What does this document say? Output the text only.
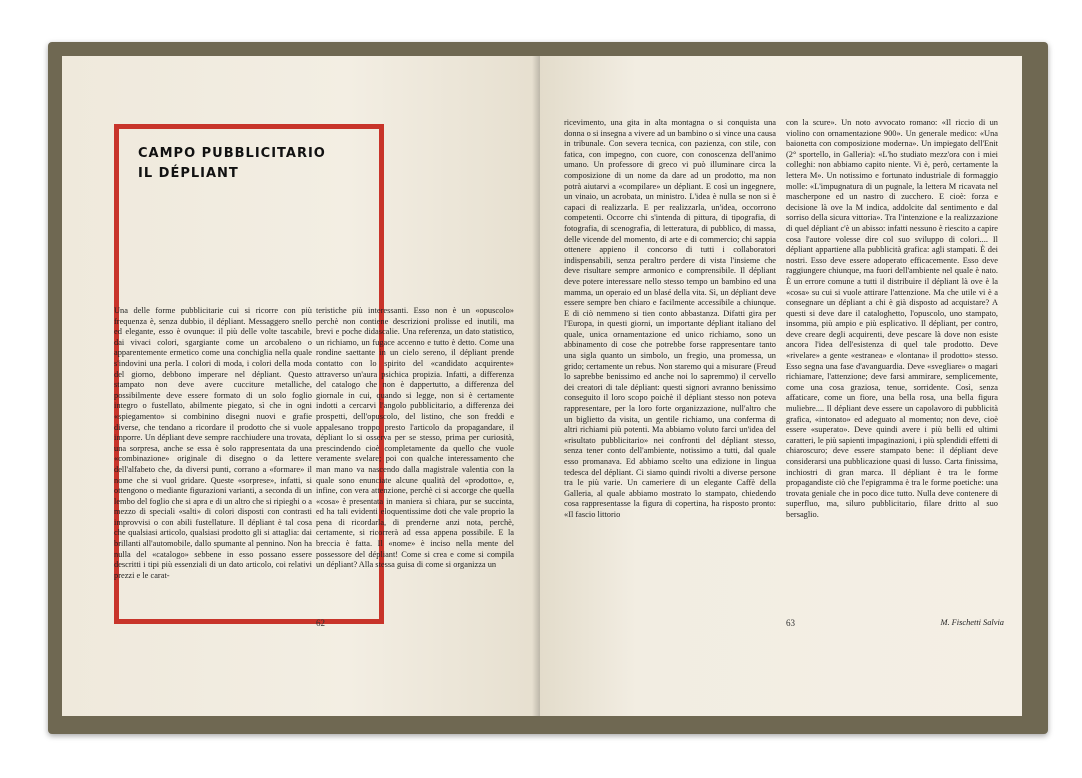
CAMPO PUBBLICITARIO
IL DÉPLIANT

Una delle forme pubblicitarie cui si ricorre con più frequenza è, senza dubbio, il dépliant. Messaggero snello ed elegante, esso è ovunque: il più delle volte tascabile, dai vivaci colori, sgargiante come un arcobaleno o apparentemente ermetico come una conchiglia nella quale s'indovini una perla. I colori di moda, i colori della moda del giorno, debbono imperare nel dépliant. Questo stampato non deve avere cucciture metalliche, possibilmente deve essere formato di un solo foglio integro o fustellato, abilmente piegato, sì che in ogni «spiegamento» si combinino disegni nuovi e grafie diverse, che tendano a ricordare il prodotto che si vuole imporre. Un dépliant deve sempre racchiudere una trovata, una sorpresa, anche se essa è solo rappresentata da una «combinazione» originale di disegno o da lettere dell'alfabeto che, da diversi punti, corrano a «formare» il nome che si vuol gridare. Queste «sorprese», infatti, si ottengono o mediante figurazioni varianti, a seconda di un lembo del foglio che si apra e di un altro che si ripieghi o a mezzo di speciali «salti» di colori disposti con contrasti improvvisi o con abili fustellature. Il dépliant è tal cosa che qualsiasi articolo, qualsiasi prodotto gli si attaglia: dai brillanti all'automobile, dallo spumante al pennino. Non ha nulla del «catalogo» sebbene in esso possano essere descritti i tipi più essenziali di un dato articolo, coi relativi prezzi e le carat-

teristiche più interessanti. Esso non è un «opuscolo» perchè non contiene descrizioni prolisse ed inutili, ma brevi e poche didascalie. Una referenza, un dato statistico, un richiamo, un fugace accenno e tutto è detto. Come una rondine saettante in un cielo sereno, il dépliant prende contatto con lo spirito del «candidato acquirente» attraverso un'aura psichica propizia. Infatti, a differenza del catalogo che non è dappertutto, a differenza del giornale in cui, quando si legge, non si è certamente indotti a cercarvi l'angolo pubblicitario, a differenza dei prospetti, dell'opuscolo, del listino, che son freddi e appalesano troppo presto l'articolo da propagandare, il dépliant lo si osserva per se stesso, prima per curiosità, prescindendo cioè completamente da quello che vuole veramente svelare; poi con qualche interessamento che man mano va nascendo dalla magistrale valentia con la quale sono enunciate alcune qualità del «prodotto», e, infine, con vera attenzione, perchè ci si accorge che quella «cosa» è presentata in maniera sì chiara, pur se succinta, ed ha tali evidenti eloquentissime doti che vale proprio la pena di ricordarla, di prenderne anzi nota, perchè, certamente, si ricorrerà ad essa appena possibile. E la breccia è fatta. Il «nome» è inciso nella mente del possessore del dépliant! Come si crea e come si compila un dépliant? Alla stessa guisa di come si organizza un

62

ricevimento, una gita in alta montagna o si conquista una donna o si insegna a vivere ad un bambino o si vince una causa in tribunale. Con severa tecnica, con pazienza, con stile, con fatica, con impegno, con cuore, con conoscenza dell'animo umano. Un professore di greco vi può illuminare circa la composizione di un nome da dare ad un prodotto, ma non potrà aiutarvi a «compilare» un dépliant. E così un ingegnere, un vinaio, un acrobata, un ministro. L'idea è nulla se non si è capaci di realizzarla. E per realizzarla, un'idea, occorrono competenti. Occorre chi s'intenda di pittura, di tipografia, di fotografia, di scenografia, di letteratura, di pubblico, di massa, delle vicende del momento, di arte e di commercio; chi sappia ottenere appieno il concorso di tutti i collaboratori indispensabili, senza peraltro perdere di vista l'insieme che deve risultare sempre armonico e comprensibile. Il dépliant deve potere interessare nello stesso tempo un bambino ed una mamma, un operaio ed un blasé della vita. Sì, un dépliant deve essere sempre ben chiaro e facilmente accessibile a chiunque. E di ciò nemmeno si tien conto abbastanza. Difatti gira per l'Europa, in questi giorni, un importante dépliant italiano del quale, unica ornamentazione ed unico richiamo, sono un abbinamento di cose che potrebbe forse rappresentare tanto una sigla quanto un simbolo, un fregio, una promessa, un grido; certamente un rebus. Non staremo qui a misurare (Freud lo saprebbe benissimo ed anche noi lo sapremmo) il cervello dei creatori di tale dépliant: questi signori avranno benissimo conseguito il loro scopo poichè il dépliant stesso non poteva rappresentare, per la loro forte organizzazione, null'altro che un biglietto da visita, un gentile richiamo, una conferma di altri richiami più potenti. Ma abbiamo voluto farci un'idea del «risultato pubblicitario» nei confronti del dépliant stesso, senza tener conto dell'ambiente, notissimo a tutti, dal quale esso promanava. Ed abbiamo scelto una edizione in lingua tedesca del dépliant. Ci siamo quindi rivolti a diverse persone tra le più varie. Un cameriere di un elegante Caffè della Galleria, al quale abbiamo mostrato lo stampato, chiedendo cosa rappresentasse la figura di copertina, ha risposto pronto: «Il fascio littorio

con la scure». Un noto avvocato romano: «Il riccio di un violino con ornamentazione 900». Un generale medico: «Una baionetta con composizione moderna». Un impiegato dell'Enit (2° sportello, in Galleria): «L'ho studiato mezz'ora con i miei colleghi: non abbiamo capito niente. Vi è, però, certamente la lettera M». Un notissimo e fortunato industriale di formaggio molle: «L'impugnatura di un pugnale, la lettera M ricavata nel mascherpone ed un nastro di zucchero. E cioè: forza e decisione là ove la M indica, addolcite dal sentimento e dal sorriso della sicura vittoria». Tra l'intenzione e la realizzazione di quel dépliant c'è un abisso: infatti nessuno è riescito a capire cosa l'autore volesse dire col suo sviluppo di colori.... Il dépliant appartiene alla pubblicità grafica: agli stampati. È dei nostri. Esso deve essere adoperato efficacemente. Esso deve raggiungere chiunque, ma fuori dell'ambiente nel quale è nato. È un errore comune a tutti il distribuire il dépliant là ove è la «cosa» su cui si vuole attirare l'attenzione. Ma che utile vi è a consegnare un dépliant a chi è già disposto ad acquistare? A questi si deve dare il cataloghetto, l'opuscolo, uno stampato, insomma, più ampio e più esplicativo. Il dépliant, per contro, deve creare degli acquirenti, deve pescare là dove non esiste ancora l'idea dell'esistenza di quel tale prodotto. Deve «rivelare» a gente «estranea» e «lontana» il prodotto» stesso. Esso segna una fase d'avanguardia. Deve «svegliare» o magari richiamare, l'attenzione; deve farsi ammirare, semplicemente, come una cosa graziosa, tenue, sorridente. Così, senza affaticare, come un fiore, una bella rosa, una bella figura muliebre.... Il dépliant deve essere un capolavoro di pubblicità grafica, «intonato» ed adeguato al momento; non deve, cioè essere «superato». Deve quindi avere i più belli ed ultimi caratteri, le più sapienti impaginazioni, i più splendidi effetti di chiaroscuro; deve essere stampato bene: il dépliant deve considerarsi una pubblicazione quasi di lusso. Carta finissima, inchiostri di gran marca. Il dépliant è tra le forme propagandiste ciò che l'epigramma è tra le forme poetiche: una trovata geniale che in poco dice tutto. Nulla deve contenere di superfluo, ma, siluro pubblicitario, filare dritto al suo bersaglio.

63	M. Fischetti Salvia
